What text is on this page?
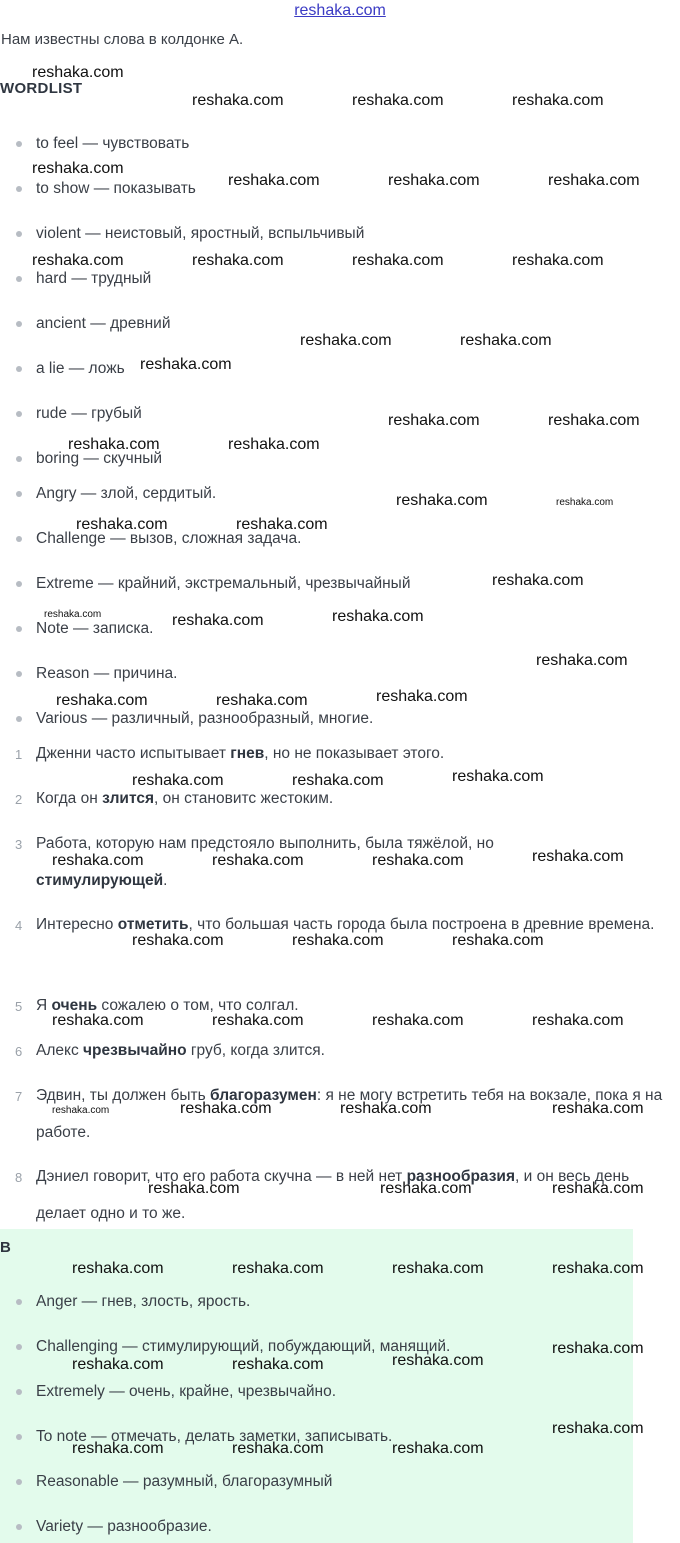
reshaka.com
Нам известны слова в колдонке А.
WORDLIST
to feel — чувствовать
to show — показывать
violent — неистовый, яростный, вспыльчивый
hard — трудный
ancient — древний
a lie — ложь
rude — грубый
boring — скучный
Angry — злой, сердитый.
Challenge — вызов, сложная задача.
Extreme — крайний, экстремальный, чрезвычайный
Note — записка.
Reason — причина.
Various — различный, разнообразный, многие.
1 Дженни часто испытывает гнев, но не показывает этого.
2 Когда он злится, он становитс жестоким.
3 Работа, которую нам предстояло выполнить, была тяжёлой, но стимулирующей.
4 Интересно отметить, что большая часть города была построена в древние времена.
5 Я очень сожалею о том, что солгал.
6 Алекс чрезвычайно груб, когда злится.
7 Эдвин, ты должен быть благоразумен: я не могу встретить тебя на вокзале, пока я на работе.
8 Дэниел говорит, что его работа скучна — в ней нет разнообразия, и он весь день делает одно и то же.
B
Anger — гнев, злость, ярость.
Challenging — стимулирующий, побуждающий, манящий.
Extremely — очень, крайне, чрезвычайно.
To note — отмечать, делать заметки, записывать.
Reasonable — разумный, благоразумный
Variety — разнообразие.
reshaka.com
reshaka.com	reshaka.com	reshaka.com
reshaka.com
reshaka.com	reshaka.com	reshaka.com
reshaka.com	reshaka.com	reshaka.com	reshaka.com
reshaka.com	reshaka.com
reshaka.com
reshaka.com	reshaka.com
reshaka.com	reshaka.com
reshaka.com	reshaka.com
reshaka.com	reshaka.com
reshaka.com
reshaka.com	reshaka.com	reshaka.com
reshaka.com
reshaka.com	reshaka.com	reshaka.com
reshaka.com	reshaka.com	reshaka.com
reshaka.com	reshaka.com	reshaka.com	reshaka.com
reshaka.com	reshaka.com	reshaka.com
reshaka.com	reshaka.com	reshaka.com	reshaka.com
reshaka.com	reshaka.com	reshaka.com	reshaka.com
reshaka.com	reshaka.com	reshaka.com
reshaka.com	reshaka.com	reshaka.com	reshaka.com
reshaka.com
reshaka.com
reshaka.com	reshaka.com
reshaka.com
reshaka.com	reshaka.com	reshaka.com
